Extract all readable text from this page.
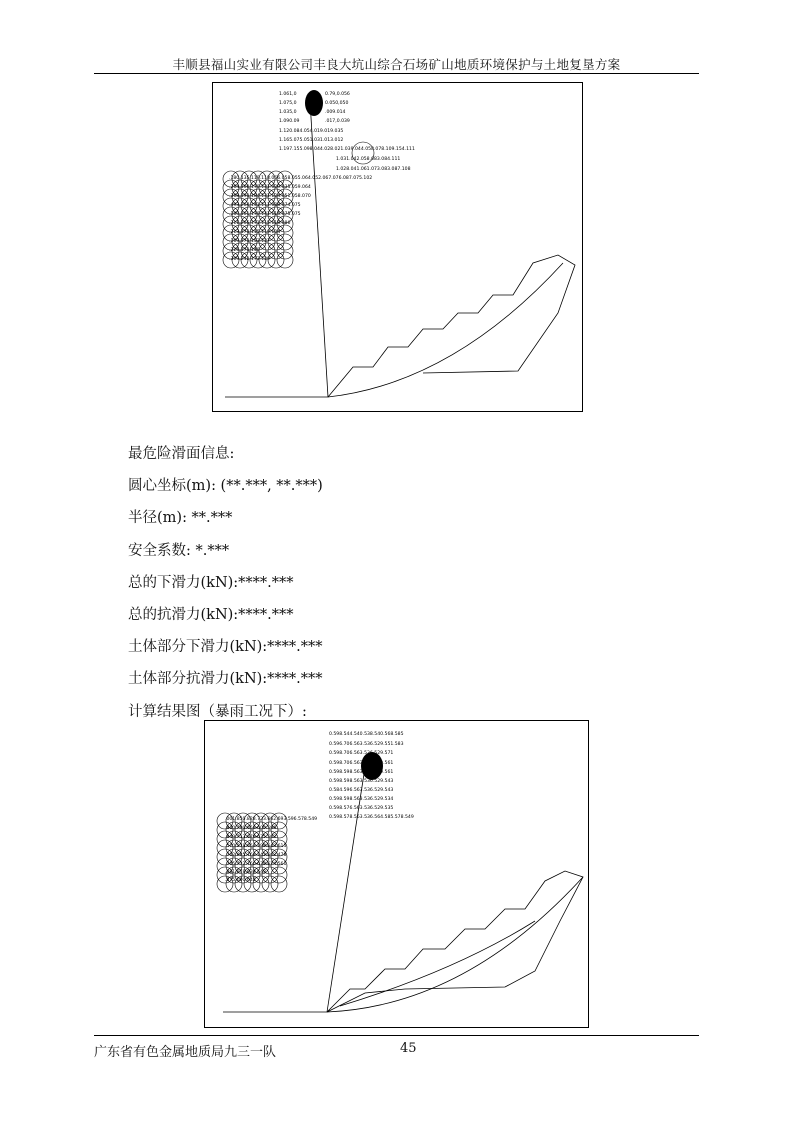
丰顺县福山实业有限公司丰良大坑山综合石场矿山地质环境保护与土地复垦方案
1.061,0
1.075,0
1.035,0
1.090.09
1.120.084.054.019.019.035
1.165.075.051.031.013.012
1.197.155.098.044.028.021.039.044.058.078.109.154.111
1.031.042.058.083.084.111
1.028.041.061.073.083.087.108
0.79,0.056
0.050,050
.009.014
.017,0.039
.180.135.119.118.066.058.055.064.052.067.076.087.075.102
.264.160.179.131.029.035.059.064
.368.193.184.131.124.051.058.070
.493.264.141.111.088.074.075
.180.161.179.141.115.075.075
.211.265.171.115.118.086
.213.173.115.119.104
.169.173.153.127
.226.173.149
.309.242.173.129
最危险滑面信息:
圆心坐标(m): (**.***, **.***)
半径(m): **.***
安全系数: *.***
总的下滑力(kN):****.***
总的抗滑力(kN):****.***
土体部分下滑力(kN):****.***
土体部分抗滑力(kN):****.***
计算结果图（暴雨工况下）:
0.598.544.540.538.540.568.585
0.596.706.563.536.529.551.583
0.598.706.563.536.529.571
0.598.706.563.536.529.561
0.598.598.563.536.529.561
0.598.598.563.536.529.543
0.584.596.563.536.529.543
0.598.598.563.536.529.534
0.598.576.563.536.529.535
0.598.578.563.536.564.585.578.549
.001.850.828.723.662.693.596.578.549
.830.790.658.600.596
.849.713.679.675.502
.570.578.653.798.643.615
.702.685.768.742.662.478
.705.732.760.678.624.561
.881.878.639.643
.875.690.648
广东省有色金属地质局九三一队	45
